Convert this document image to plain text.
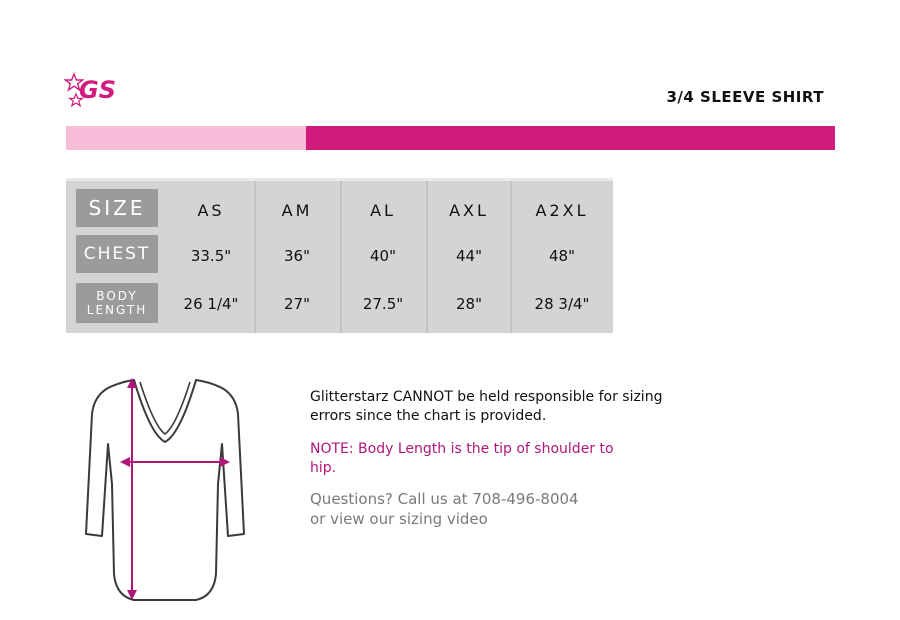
GS	3/4 SLEEVE SHIRT
SIZE
CHEST
BODY
LENGTH
AS
33.5"
26 1/4"
AM
36"
27"
AL
40"
27.5"
AXL
44"
28"
A2XL
48"
28 3/4"
Glitterstarz CANNOT be held responsible for sizing errors since the chart is provided.
NOTE: Body Length is the tip of shoulder to hip.
Questions? Call us at 708-496-8004
or view our sizing video
